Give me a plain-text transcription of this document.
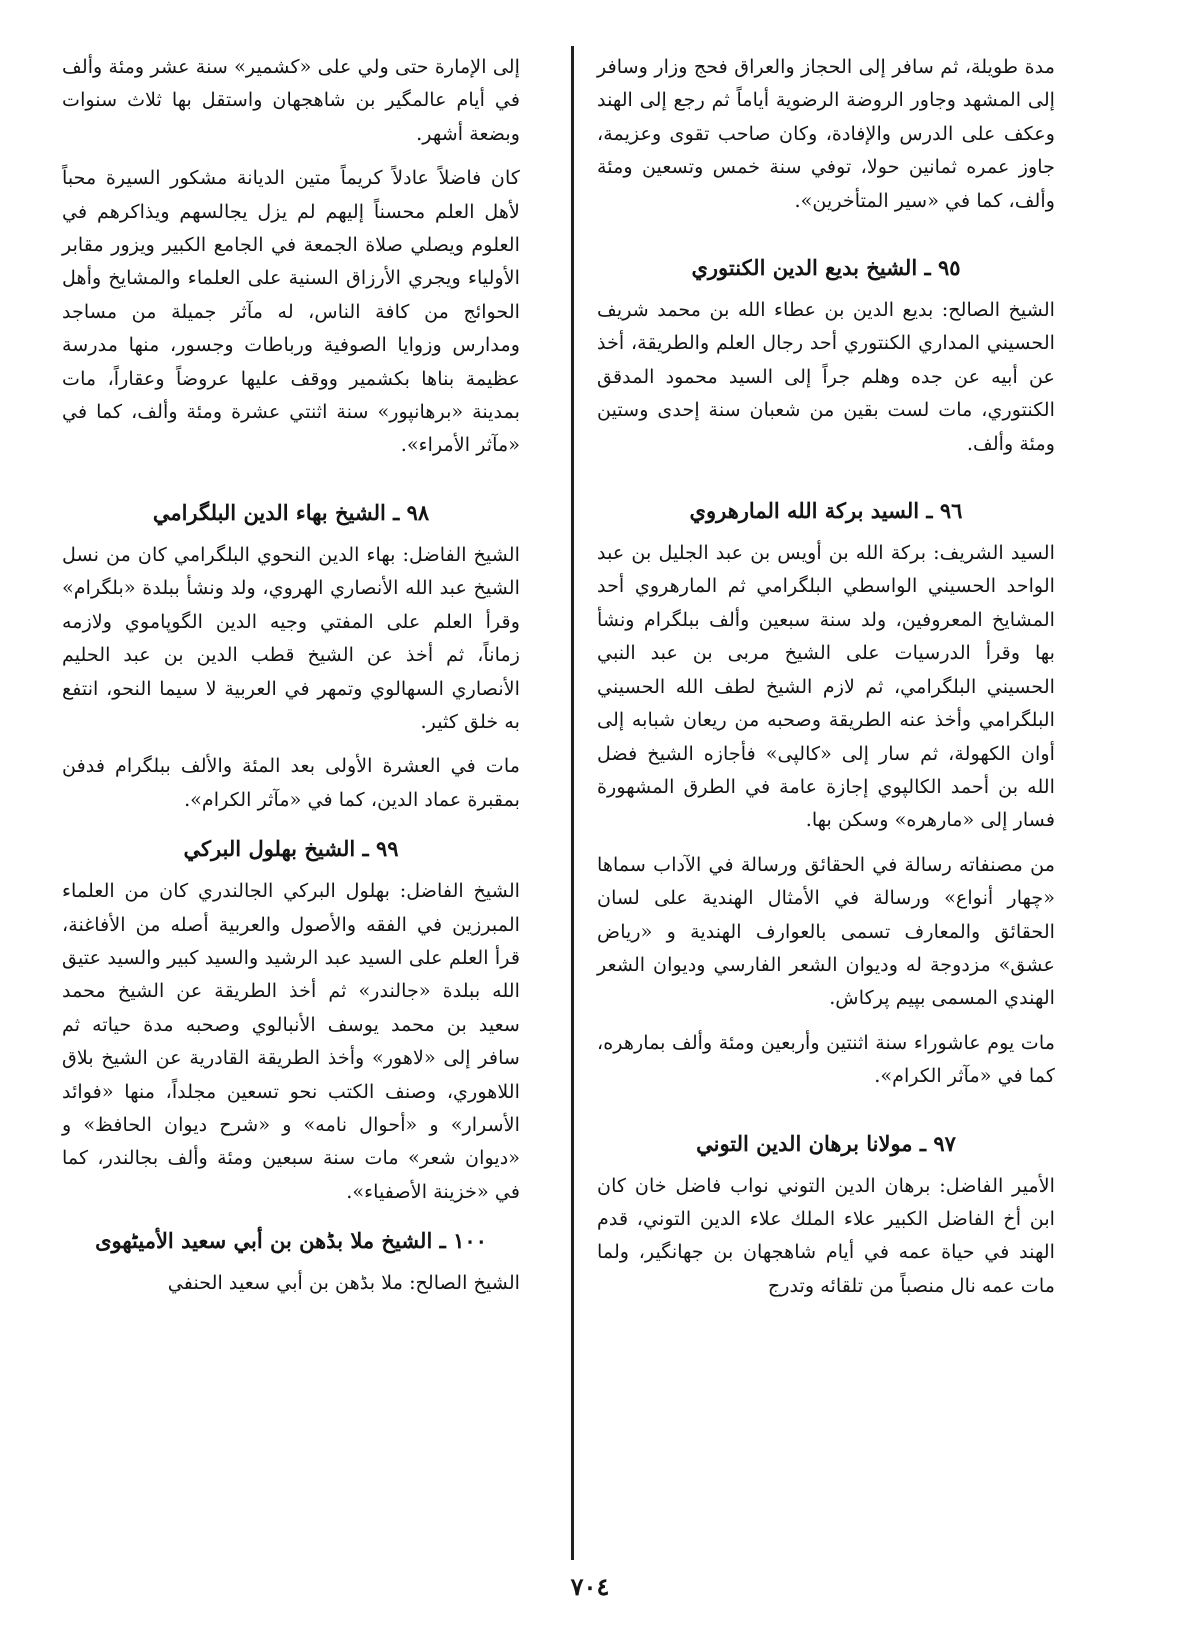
مدة طويلة، ثم سافر إلى الحجاز والعراق فحج وزار وسافر إلى المشهد وجاور الروضة الرضوية أياماً ثم رجع إلى الهند وعكف على الدرس والإفادة، وكان صاحب تقوى وعزيمة، جاوز عمره ثمانين حولا، توفي سنة خمس وتسعين ومئة وألف، كما في «سير المتأخرين».

٩٥ ـ الشيخ بديع الدين الكنتوري

الشيخ الصالح: بديع الدين بن عطاء الله بن محمد شريف الحسيني المداري الكنتوري أحد رجال العلم والطريقة، أخذ عن أبيه عن جده وهلم جراً إلى السيد محمود المدقق الكنتوري، مات لست بقين من شعبان سنة إحدى وستين ومئة وألف.

٩٦ ـ السيد بركة الله المارهروي

السيد الشريف: بركة الله بن أويس بن عبد الجليل بن عبد الواحد الحسيني الواسطي البلگرامي ثم المارهروي أحد المشايخ المعروفين، ولد سنة سبعين وألف ببلگرام ونشأ بها وقرأ الدرسيات على الشيخ مربى بن عبد النبي الحسيني البلگرامي، ثم لازم الشيخ لطف الله الحسيني البلگرامي وأخذ عنه الطريقة وصحبه من ريعان شبابه إلى أوان الكهولة، ثم سار إلى «كالپى» فأجازه الشيخ فضل الله بن أحمد الكالپوي إجازة عامة في الطرق المشهورة فسار إلى «مارهره» وسكن بها.

من مصنفاته رسالة في الحقائق ورسالة في الآداب سماها «چهار أنواع» ورسالة في الأمثال الهندية على لسان الحقائق والمعارف تسمى بالعوارف الهندية و «رياض عشق» مزدوجة له وديوان الشعر الفارسي وديوان الشعر الهندي المسمى بپيم پركاش.

مات يوم عاشوراء سنة اثنتين وأربعين ومئة وألف بمارهره، كما في «مآثر الكرام».

٩٧ ـ مولانا برهان الدين التوني

الأمير الفاضل: برهان الدين التوني نواب فاضل خان كان ابن أخ الفاضل الكبير علاء الملك علاء الدين التوني، قدم الهند في حياة عمه في أيام شاهجهان بن جهانگير، ولما مات عمه نال منصباً من تلقائه وتدرج

إلى الإمارة حتى ولي على «كشمير» سنة عشر ومئة وألف في أيام عالمگير بن شاهجهان واستقل بها ثلاث سنوات وبضعة أشهر.

كان فاضلاً عادلاً كريماً متين الديانة مشكور السيرة محباً لأهل العلم محسناً إليهم لم يزل يجالسهم ويذاكرهم في العلوم ويصلي صلاة الجمعة في الجامع الكبير ويزور مقابر الأولياء ويجري الأرزاق السنية على العلماء والمشايخ وأهل الحوائج من كافة الناس، له مآثر جميلة من مساجد ومدارس وزوايا الصوفية ورباطات وجسور، منها مدرسة عظيمة بناها بكشمير ووقف عليها عروضاً وعقاراً، مات بمدينة «برهانپور» سنة اثنتي عشرة ومئة وألف، كما في «مآثر الأمراء».

٩٨ ـ الشيخ بهاء الدين البلگرامي

الشيخ الفاضل: بهاء الدين النحوي البلگرامي كان من نسل الشيخ عبد الله الأنصاري الهروي، ولد ونشأ ببلدة «بلگرام» وقرأ العلم على المفتي وجيه الدين الگوپاموي ولازمه زماناً، ثم أخذ عن الشيخ قطب الدين بن عبد الحليم الأنصاري السهالوي وتمهر في العربية لا سيما النحو، انتفع به خلق كثير.

مات في العشرة الأولى بعد المئة والألف ببلگرام فدفن بمقبرة عماد الدين، كما في «مآثر الكرام».

٩٩ ـ الشيخ بهلول البركي

الشيخ الفاضل: بهلول البركي الجالندري كان من العلماء المبرزين في الفقه والأصول والعربية أصله من الأفاغنة، قرأ العلم على السيد عبد الرشيد والسيد كبير والسيد عتيق الله ببلدة «جالندر» ثم أخذ الطريقة عن الشيخ محمد سعيد بن محمد يوسف الأنبالوي وصحبه مدة حياته ثم سافر إلى «لاهور» وأخذ الطريقة القادرية عن الشيخ بلاق اللاهوري، وصنف الكتب نحو تسعين مجلداً، منها «فوائد الأسرار» و «أحوال نامه» و «شرح ديوان الحافظ» و «ديوان شعر» مات سنة سبعين ومئة وألف بجالندر، كما في «خزينة الأصفياء».

١٠٠ ـ الشيخ ملا بڈهن بن أبي سعيد الأميٹهوى

الشيخ الصالح: ملا بڈهن بن أبي سعيد الحنفي

٧٠٤
